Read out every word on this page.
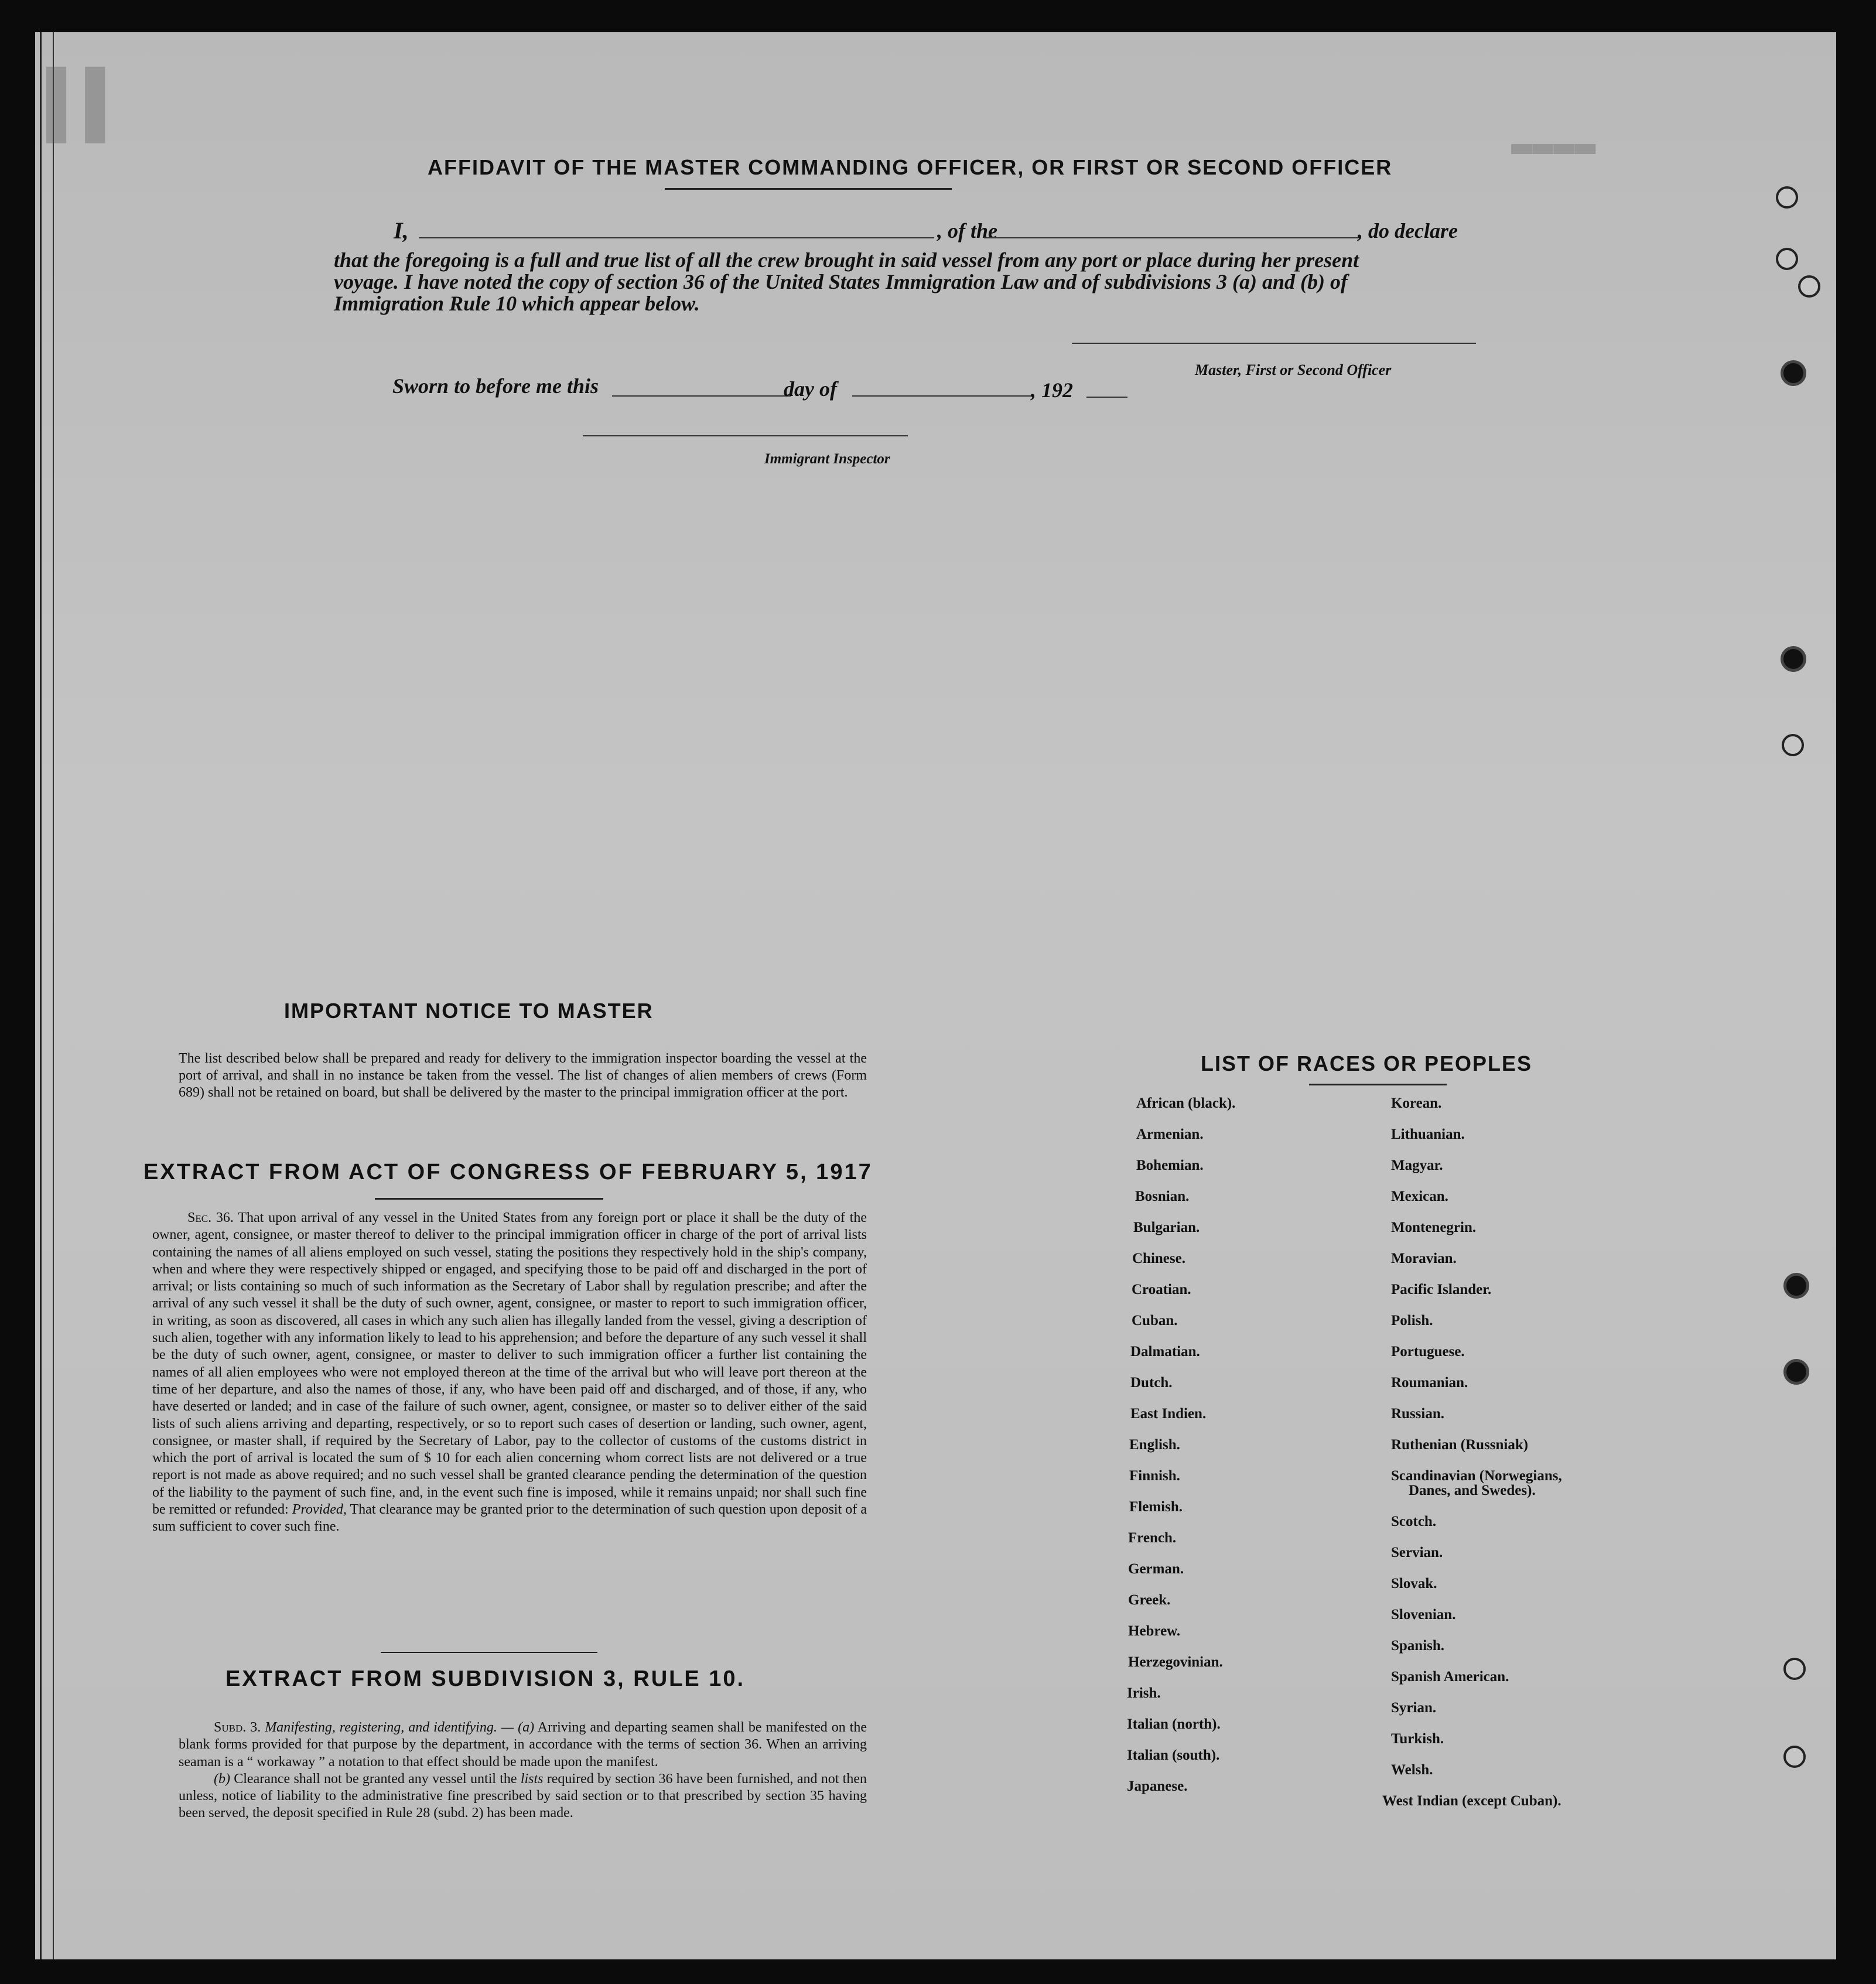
▌▌
▬▬▬▬
AFFIDAVIT OF THE MASTER COMMANDING OFFICER, OR FIRST OR SECOND OFFICER
I,	, of the	, do declare
that the foregoing is a full and true list of all the crew brought in said vessel from any port or place during her present
voyage. I have noted the copy of section 36 of the United States Immigration Law and of subdivisions 3 (a) and (b) of
Immigration Rule 10 which appear below.
Master, First or Second Officer
Sworn to before me this	day of	, 192
Immigrant Inspector
IMPORTANT NOTICE TO MASTER
The list described below shall be prepared and ready for delivery to the immigration inspector boarding the vessel at the port of arrival, and shall in no instance be taken from the vessel. The list of changes of alien members of crews (Form 689) shall not be retained on board, but shall be delivered by the master to the principal immigration officer at the port.
EXTRACT FROM ACT OF CONGRESS OF FEBRUARY 5, 1917
Sec. 36. That upon arrival of any vessel in the United States from any foreign port or place it shall be the duty of the owner, agent, consignee, or master thereof to deliver to the principal immigration officer in charge of the port of arrival lists containing the names of all aliens employed on such vessel, stating the positions they respectively hold in the ship's company, when and where they were respectively shipped or engaged, and specifying those to be paid off and discharged in the port of arrival; or lists containing so much of such information as the Secretary of Labor shall by regulation prescribe; and after the arrival of any such vessel it shall be the duty of such owner, agent, consignee, or master to report to such immigration officer, in writing, as soon as discovered, all cases in which any such alien has illegally landed from the vessel, giving a description of such alien, together with any information likely to lead to his apprehension; and before the departure of any such vessel it shall be the duty of such owner, agent, consignee, or master to deliver to such immigration officer a further list containing the names of all alien employees who were not employed thereon at the time of the arrival but who will leave port thereon at the time of her departure, and also the names of those, if any, who have been paid off and discharged, and of those, if any, who have deserted or landed; and in case of the failure of such owner, agent, consignee, or master so to deliver either of the said lists of such aliens arriving and departing, respectively, or so to report such cases of desertion or landing, such owner, agent, consignee, or master shall, if required by the Secretary of Labor, pay to the collector of customs of the customs district in which the port of arrival is located the sum of $ 10 for each alien concerning whom correct lists are not delivered or a true report is not made as above required; and no such vessel shall be granted clearance pending the determination of the question of the liability to the payment of such fine, and, in the event such fine is imposed, while it remains unpaid; nor shall such fine be remitted or refunded: Provided, That clearance may be granted prior to the determination of such question upon deposit of a sum sufficient to cover such fine.
EXTRACT FROM SUBDIVISION 3, RULE 10.

Subd. 3. Manifesting, registering, and identifying. — (a) Arriving and departing seamen shall be manifested on the blank forms provided for that purpose by the department, in accordance with the terms of section 36. When an arriving seaman is a “ workaway ” a notation to that effect should be made upon the manifest.

(b) Clearance shall not be granted any vessel until the lists required by section 36 have been furnished, and not then unless, notice of liability to the administrative fine prescribed by said section or to that prescribed by section 35 having been served, the deposit specified in Rule 28 (subd. 2) has been made.

LIST OF RACES OR PEOPLES
African (black).
Armenian.
Bohemian.
Bosnian.
Bulgarian.
Chinese.
Croatian.
Cuban.
Dalmatian.
Dutch.
East Indien.
English.
Finnish.
Flemish.
French.
German.
Greek.
Hebrew.
Herzegovinian.
Irish.
Italian (north).
Italian (south).
Japanese.
Korean.
Lithuanian.
Magyar.
Mexican.
Montenegrin.
Moravian.
Pacific Islander.
Polish.
Portuguese.
Roumanian.
Russian.
Ruthenian (Russniak)
Scandinavian (Norwegians,
Danes, and Swedes).
Scotch.
Servian.
Slovak.
Slovenian.
Spanish.
Spanish American.
Syrian.
Turkish.
Welsh.
West Indian (except Cuban).
